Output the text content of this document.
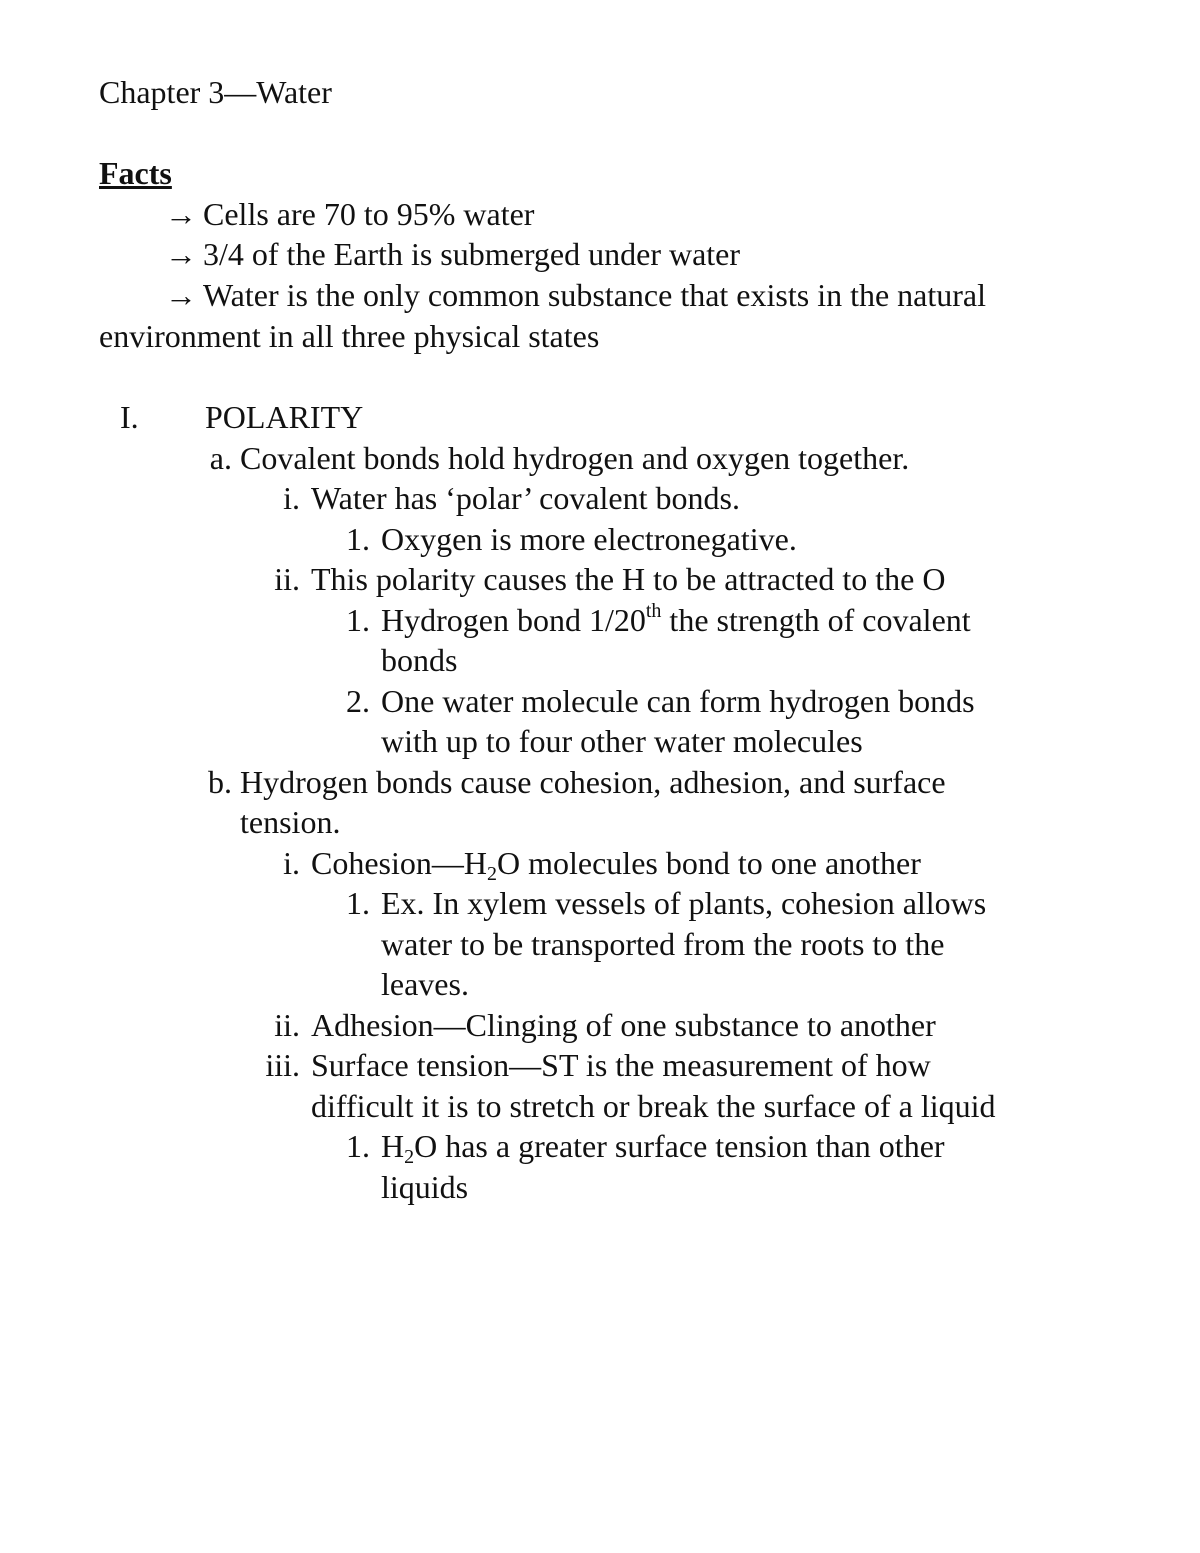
Chapter 3—Water
Facts
→ Cells are 70 to 95% water
→ 3/4 of the Earth is submerged under water
→ Water is the only common substance that exists in the natural
environment in all three physical states
I.	POLARITY
a. Covalent bonds hold hydrogen and oxygen together.
i. Water has ‘polar’ covalent bonds.
1. Oxygen is more electronegative.
ii. This polarity causes the H to be attracted to the O
1. Hydrogen bond 1/20th the strength of covalent
bonds
2. One water molecule can form hydrogen bonds
with up to four other water molecules
b. Hydrogen bonds cause cohesion, adhesion, and surface
tension.
i. $Cohesion—H_2O$ molecules bond to one another
1. Ex. In xylem vessels of plants, cohesion allows
water to be transported from the roots to the
leaves.
ii. Adhesion—Clinging of one substance to another
iii. Surface tension—ST is the measurement of how
difficult it is to stretch or break the surface of a liquid
1. $H_2O$ has a greater surface tension than other
liquids
